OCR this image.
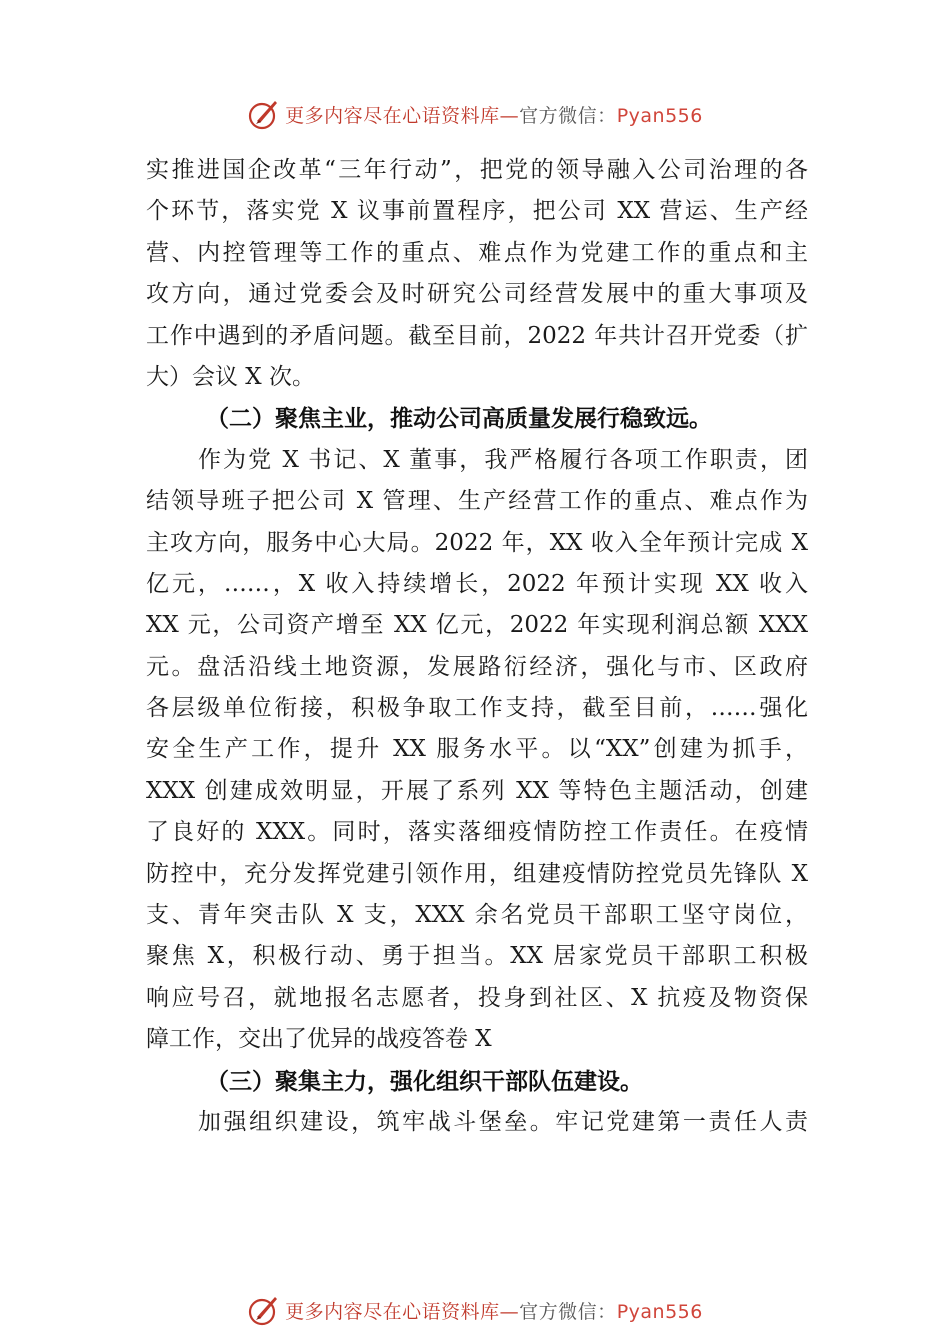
更多内容尽在心语资料库—官方微信：Pyan556
实推进国企改革“三年行动”，把党的领导融入公司治理的各
个环节，落实党 X 议事前置程序，把公司 XX 营运、生产经
营、内控管理等工作的重点、难点作为党建工作的重点和主
攻方向，通过党委会及时研究公司经营发展中的重大事项及
工作中遇到的矛盾问题。截至目前，2022 年共计召开党委（扩
大）会议 X 次。
（二）聚焦主业，推动公司高质量发展行稳致远。
作为党 X 书记、X 董事，我严格履行各项工作职责，团
结领导班子把公司 X 管理、生产经营工作的重点、难点作为
主攻方向，服务中心大局。2022 年，XX 收入全年预计完成 X
亿元，……，X 收入持续增长，2022 年预计实现 XX 收入
XX 元，公司资产增至 XX 亿元，2022 年实现利润总额 XXX
元。盘活沿线土地资源，发展路衍经济，强化与市、区政府
各层级单位衔接，积极争取工作支持，截至目前，……强化
安全生产工作，提升 XX 服务水平。以“XX”创建为抓手，
XXX 创建成效明显，开展了系列 XX 等特色主题活动，创建
了良好的 XXX。同时，落实落细疫情防控工作责任。在疫情
防控中，充分发挥党建引领作用，组建疫情防控党员先锋队 X
支、青年突击队 X 支，XXX 余名党员干部职工坚守岗位，
聚焦 X，积极行动、勇于担当。XX 居家党员干部职工积极
响应号召，就地报名志愿者，投身到社区、X 抗疫及物资保
障工作，交出了优异的战疫答卷 X
（三）聚集主力，强化组织干部队伍建设。
加强组织建设，筑牢战斗堡垒。牢记党建第一责任人责
更多内容尽在心语资料库—官方微信：Pyan556
